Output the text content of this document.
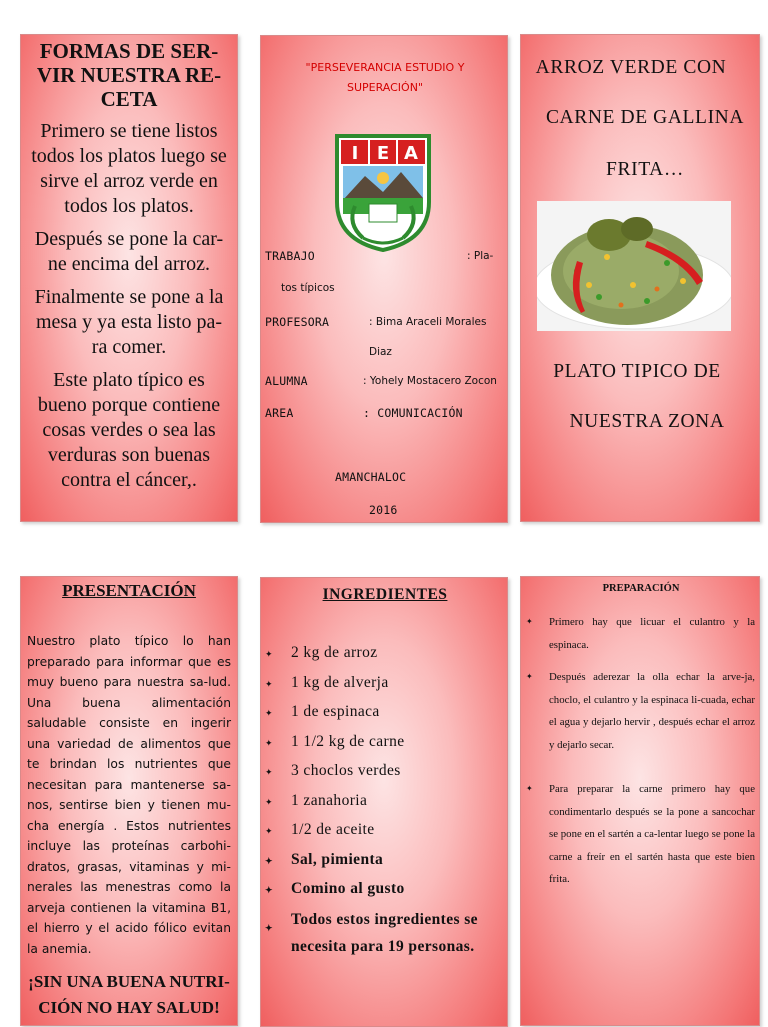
FORMAS DE SER-VIR NUESTRA RE-CETA

Primero se tiene listos todos los platos luego se sirve el arroz verde en todos los platos.

Después se pone la car-ne encima del arroz.

Finalmente se pone a la mesa y ya esta listo pa-ra comer.

Este plato típico es bueno porque contiene cosas verdes o sea las verduras son buenas contra el cáncer,.

"PERSEVERANCIA ESTUDIO Y
SUPERACIÓN"
I E A
TRABAJO	: Pla-
tos típicos
PROFESORA	: Bima Araceli Morales
Diaz
ALUMNA	: Yohely Mostacero Zocon
AREA	: COMUNICACIÓN
AMANCHALOC
2016
ARROZ VERDE CON
CARNE DE GALLINA
FRITA…
PLATO TIPICO DE
NUESTRA ZONA

PRESENTACIÓN

Nuestro plato típico lo han preparado para informar que es muy bueno para nuestra sa-lud. Una buena alimentación saludable consiste en ingerir una variedad de alimentos que te brindan los nutrientes que necesitan para mantenerse sa-nos, sentirse bien y tienen mu-cha energía . Estos nutrientes incluye las proteínas carbohi-dratos, grasas, vitaminas y mi-nerales las menestras como la arveja contienen la vitamina B1, el hierro y el acido fólico evitan la anemia.

¡SIN UNA BUENA NUTRI-CIÓN NO HAY SALUD!

INGREDIENTES
✦ 2 kg de arroz
✦ 1 kg de alverja
✦ 1 de espinaca
✦ 1 1/2 kg de carne
✦ 3 choclos verdes
✦ 1 zanahoria
✦ 1/2 de aceite
✦ Sal, pimienta
✦ Comino al gusto
✦ Todos estos ingredientes se necesita para 19 personas.
PREPARACIÓN
✦ Primero hay que licuar el culantro y la espinaca.
✦ Después aderezar la olla echar la arve-ja, choclo, el culantro y la espinaca li-cuada, echar el agua y dejarlo hervir , después echar el arroz y dejarlo secar.
✦ Para preparar la carne primero hay que condimentarlo después se la pone a sancochar se pone en el sartén a ca-lentar luego se pone la carne a freír en el sartén hasta que este bien frita.
